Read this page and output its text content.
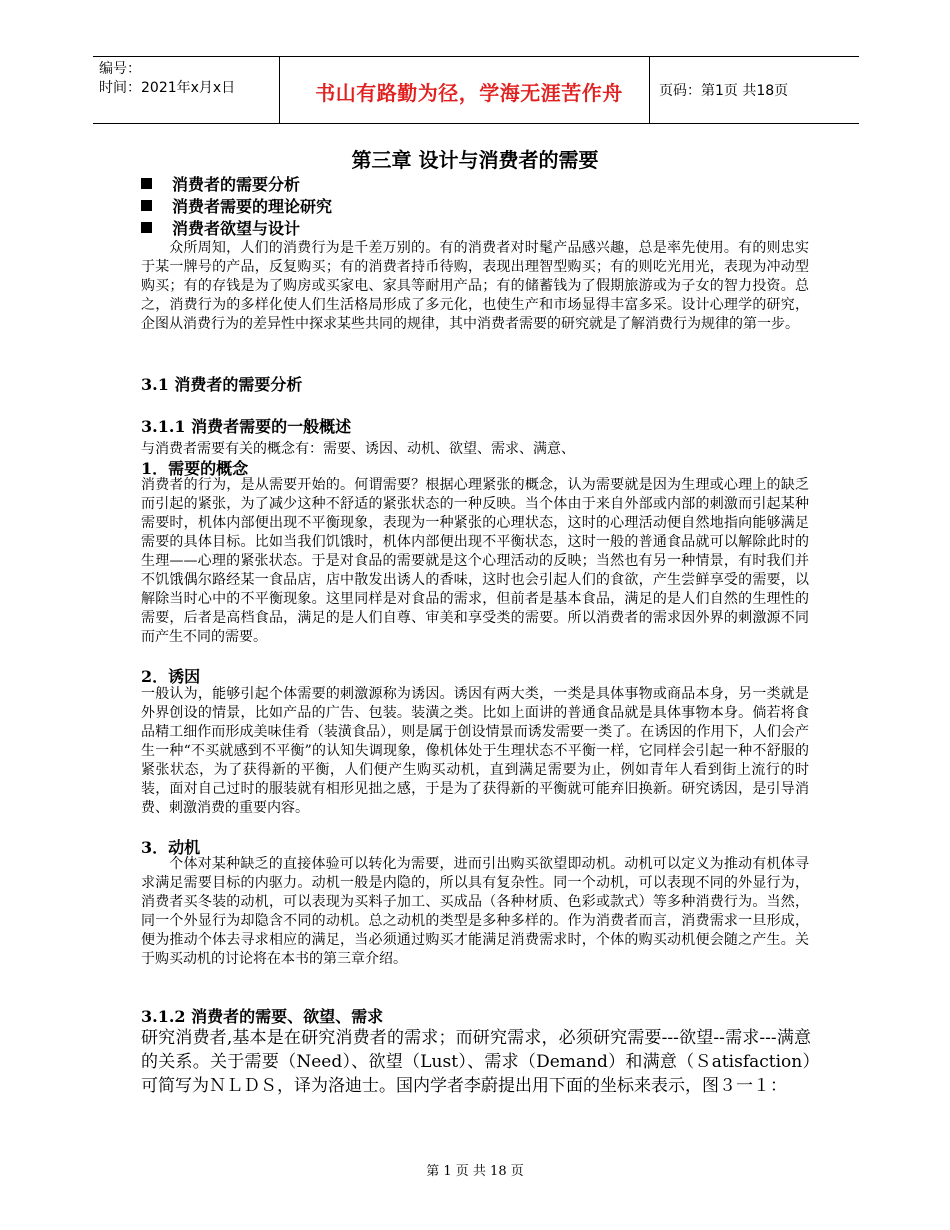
编号：
时间：2021年x月x日	书山有路勤为径，学海无涯苦作舟	页码：第1页 共18页
第三章 设计与消费者的需要
消费者的需要分析
消费者需要的理论研究
消费者欲望与设计
众所周知，人们的消费行为是千差万别的。有的消费者对时髦产品感兴趣，总是率先使用。有的则忠实于某一牌号的产品，反复购买；有的消费者持币待购，表现出理智型购买；有的则吃光用光，表现为冲动型购买；有的存钱是为了购房或买家电、家具等耐用产品；有的储蓄钱为了假期旅游或为子女的智力投资。总之，消费行为的多样化使人们生活格局形成了多元化，也使生产和市场显得丰富多采。设计心理学的研究，企图从消费行为的差异性中探求某些共同的规律，其中消费者需要的研究就是了解消费行为规律的第一步。
3.1 消费者的需要分析
3.1.1 消费者需要的一般概述
与消费者需要有关的概念有：需要、诱因、动机、欲望、需求、满意、
1．需要的概念
消费者的行为，是从需要开始的。何谓需要？根据心理紧张的概念，认为需要就是因为生理或心理上的缺乏而引起的紧张，为了减少这种不舒适的紧张状态的一种反映。当个体由于来自外部或内部的刺激而引起某种需要时，机体内部便出现不平衡现象，表现为一种紧张的心理状态，这时的心理活动便自然地指向能够满足需要的具体目标。比如当我们饥饿时，机体内部便出现不平衡状态，这时一般的普通食品就可以解除此时的生理——心理的紧张状态。于是对食品的需要就是这个心理活动的反映；当然也有另一种情景，有时我们并不饥饿偶尔路经某一食品店，店中散发出诱人的香味，这时也会引起人们的食欲，产生尝鲜享受的需要，以解除当时心中的不平衡现象。这里同样是对食品的需求，但前者是基本食品，满足的是人们自然的生理性的需要，后者是高档食品，满足的是人们自尊、审美和享受类的需要。所以消费者的需求因外界的刺激源不同而产生不同的需要。
2．诱因
一般认为，能够引起个体需要的刺激源称为诱因。诱因有两大类，一类是具体事物或商品本身，另一类就是外界创设的情景，比如产品的广告、包装。装潢之类。比如上面讲的普通食品就是具体事物本身。倘若将食品精工细作而形成美味佳肴（装潢食品），则是属于创设情景而诱发需要一类了。在诱因的作用下，人们会产生一种“不买就感到不平衡”的认知失调现象，像机体处于生理状态不平衡一样，它同样会引起一种不舒服的紧张状态，为了获得新的平衡，人们便产生购买动机，直到满足需要为止，例如青年人看到街上流行的时装，面对自己过时的服装就有相形见拙之感，于是为了获得新的平衡就可能弃旧换新。研究诱因，是引导消费、刺激消费的重要内容。
3．动机
个体对某种缺乏的直接体验可以转化为需要，进而引出购买欲望即动机。动机可以定义为推动有机体寻求满足需要目标的内驱力。动机一般是内隐的，所以具有复杂性。同一个动机，可以表现不同的外显行为，消费者买冬装的动机，可以表现为买料子加工、买成品（各种材质、色彩或款式）等多种消费行为。当然，同一个外显行为却隐含不同的动机。总之动机的类型是多种多样的。作为消费者而言，消费需求一旦形成，便为推动个体去寻求相应的满足，当必须通过购买才能满足消费需求时，个体的购买动机便会随之产生。关于购买动机的讨论将在本书的第三章介绍。
3.1.2 消费者的需要、欲望、需求
研究消费者,基本是在研究消费者的需求；而研究需求，必须研究需要---欲望--需求---满意的关系。关于需要（Need）、欲望（Lust）、需求（Demand）和满意（Ｓatisfaction）可简写为ＮＬＤＳ，译为洛迪士。国内学者李蔚提出用下面的坐标来表示，图３一１：
第 1 页 共 18 页
